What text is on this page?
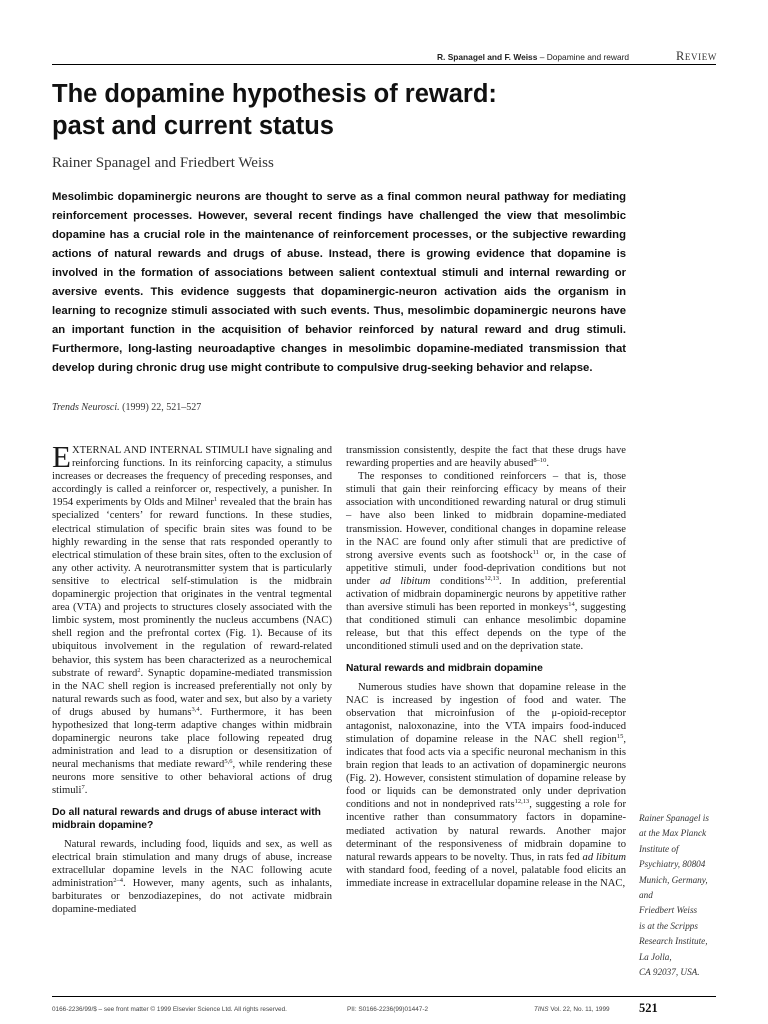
R. Spanagel and F. Weiss – Dopamine and reward	Review
The dopamine hypothesis of reward:
past and current status
Rainer Spanagel and Friedbert Weiss

Mesolimbic dopaminergic neurons are thought to serve as a final common neural pathway for mediating reinforcement processes. However, several recent findings have challenged the view that mesolimbic dopamine has a crucial role in the maintenance of reinforcement processes, or the subjective rewarding actions of natural rewards and drugs of abuse. Instead, there is growing evidence that dopamine is involved in the formation of associations between salient contextual stimuli and internal rewarding or aversive events. This evidence suggests that dopaminergic-neuron activation aids the organism in learning to recognize stimuli associated with such events. Thus, mesolimbic dopaminergic neurons have an important function in the acquisition of behavior reinforced by natural reward and drug stimuli. Furthermore, long-lasting neuroadaptive changes in mesolimbic dopamine-mediated transmission that develop during chronic drug use might contribute to compulsive drug-seeking behavior and relapse.

Trends Neurosci. (1999) 22, 521–527

EXTERNAL AND INTERNAL STIMULI have signaling and reinforcing functions. In its reinforcing capacity, a stimulus increases or decreases the frequency of preceding responses, and accordingly is called a reinforcer or, respectively, a punisher. In 1954 experiments by Olds and Milner$^1$ revealed that the brain has specialized ‘centers’ for reward functions. In these studies, electrical stimulation of specific brain sites was found to be highly rewarding in the sense that rats responded operantly to electrical stimulation of these brain sites, often to the exclusion of any other activity. A neurotransmitter system that is particularly sensitive to electrical self-stimulation is the midbrain dopaminergic projection that originates in the ventral tegmental area (VTA) and projects to structures closely associated with the limbic system, most prominently the nucleus accumbens (NAC) shell region and the prefrontal cortex (Fig. 1). Because of its ubiquitous involvement in the regulation of reward-related behavior, this system has been characterized as a neurochemical substrate of reward$^2$. Synaptic dopamine-mediated transmission in the NAC shell region is increased preferentially not only by natural rewards such as food, water and sex, but also by a variety of drugs abused by humans$^{3,4}$. Furthermore, it has been hypothesized that long-term adaptive changes within midbrain dopaminergic neurons take place following repeated drug administration and lead to a disruption or desensitization of neural mechanisms that mediate reward$^{5,6}$, while rendering these neurons more sensitive to other behavioral actions of drug stimuli$^7$.

Do all natural rewards and drugs of abuse interact with midbrain dopamine?

Natural rewards, including food, liquids and sex, as well as electrical brain stimulation and many drugs of abuse, increase extracellular dopamine levels in the NAC following acute administration$^{2-4}$. However, many agents, such as inhalants, barbiturates or benzodiazepines, do not activate midbrain dopamine-mediated

transmission consistently, despite the fact that these drugs have rewarding properties and are heavily abused$^{8-10}$.

The responses to conditioned reinforcers – that is, those stimuli that gain their reinforcing efficacy by means of their association with unconditioned rewarding natural or drug stimuli – have also been linked to midbrain dopamine-mediated transmission. However, conditional changes in dopamine release in the NAC are found only after stimuli that are predictive of strong aversive events such as footshock$^{11}$ or, in the case of appetitive stimuli, under food-deprivation conditions but not under ad libitum conditions$^{12,13}$. In addition, preferential activation of midbrain dopaminergic neurons by appetitive rather than aversive stimuli has been reported in monkeys$^{14}$, suggesting that conditioned stimuli can enhance mesolimbic dopamine release, but that this effect depends on the type of the unconditioned stimuli used and on the deprivation state.

Natural rewards and midbrain dopamine

Numerous studies have shown that dopamine release in the NAC is increased by ingestion of food and water. The observation that microinfusion of the μ-opioid-receptor antagonist, naloxonazine, into the VTA impairs food-induced stimulation of dopamine release in the NAC shell region$^{15}$, indicates that food acts via a specific neuronal mechanism in this brain region that leads to an activation of dopaminergic neurons (Fig. 2). However, consistent stimulation of dopamine release by food or liquids can be demonstrated only under deprivation conditions and not in nondeprived rats$^{12,13}$, suggesting a role for incentive rather than consummatory factors in dopamine-mediated activation by natural rewards. Another major determinant of the responsiveness of midbrain dopamine to natural rewards appears to be novelty. Thus, in rats fed ad libitum with standard food, feeding of a novel, palatable food elicits an immediate increase in extracellular dopamine release in the NAC,

Rainer Spanagel is
at the Max Planck
Institute of
Psychiatry, 80804
Munich, Germany,
and
Friedbert Weiss
is at the Scripps
Research Institute,
La Jolla,
CA 92037, USA.

0166-2236/99/$ – see front matter © 1999 Elsevier Science Ltd. All rights reserved.	PII: S0166-2236(99)01447-2	TINS Vol. 22, No. 11, 1999 521
